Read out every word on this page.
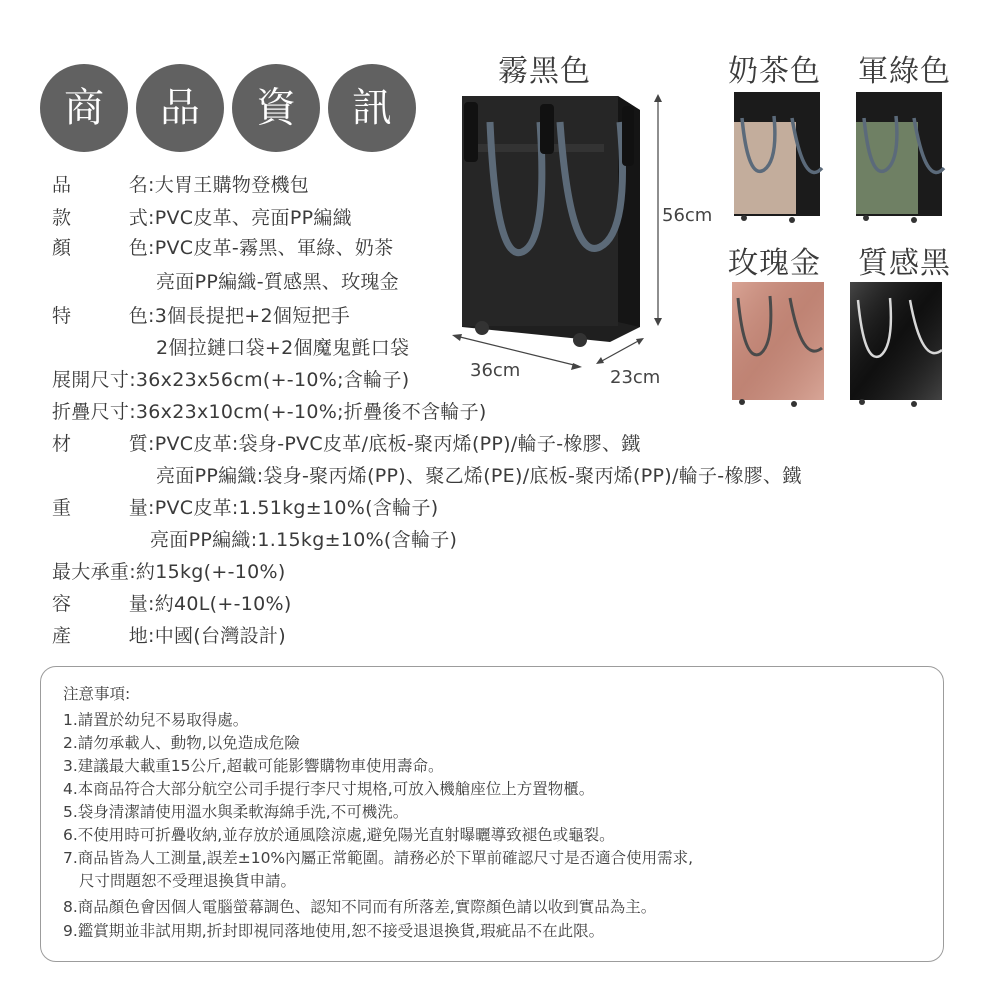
商	品	資	訊
品	名 :大胃王購物登機包
款	式 :PVC皮革、亮面PP編織
顏	色 :PVC皮革-霧黑、軍綠、奶茶
亮面PP編織-質感黑、玫瑰金
特	色 :3個長提把+2個短把手
2個拉鏈口袋+2個魔鬼氈口袋
展開尺寸 :36x23x56cm(+-10%;含輪子)
折疊尺寸 :36x23x10cm(+-10%;折疊後不含輪子)
材	質 :PVC皮革:袋身-PVC皮革/底板-聚丙烯(PP)/輪子-橡膠、鐵
亮面PP編織:袋身-聚丙烯(PP)、聚乙烯(PE)/底板-聚丙烯(PP)/輪子-橡膠、鐵
重	量 :PVC皮革:1.51kg±10%(含輪子)
亮面PP編織:1.15kg±10%(含輪子)
最大承重 :約15kg(+-10%)
容	量 :約40L(+-10%)
產	地 :中國(台灣設計)
霧黑色	奶茶色 軍綠色
玫瑰金 質感黑
56cm
36cm	23cm
注意事項:
1.請置於幼兒不易取得處。
2.請勿承載人、動物,以免造成危險
3.建議最大載重15公斤,超載可能影響購物車使用壽命。
4.本商品符合大部分航空公司手提行李尺寸規格,可放入機艙座位上方置物櫃。
5.袋身清潔請使用溫水與柔軟海綿手洗,不可機洗。
6.不使用時可折疊收納,並存放於通風陰涼處,避免陽光直射曝曬導致褪色或龜裂。
7.商品皆為人工測量,誤差±10%內屬正常範圍。請務必於下單前確認尺寸是否適合使用需求,
尺寸問題恕不受理退換貨申請。
8.商品顏色會因個人電腦螢幕調色、認知不同而有所落差,實際顏色請以收到實品為主。
9.鑑賞期並非試用期,折封即視同落地使用,恕不接受退退換貨,瑕疵品不在此限。
